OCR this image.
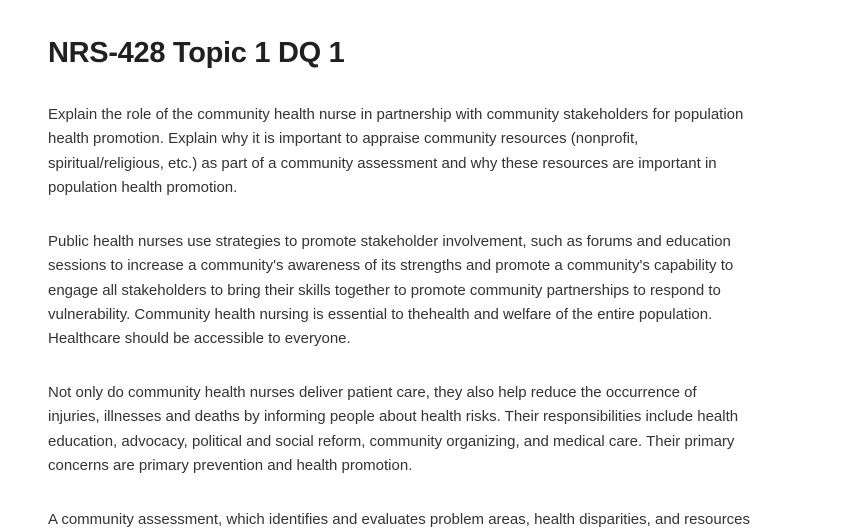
NRS-428 Topic 1 DQ 1

Explain the role of the community health nurse in partnership with community stakeholders for population
health promotion. Explain why it is important to appraise community resources (nonprofit,
spiritual/religious, etc.) as part of a community assessment and why these resources are important in
population health promotion.

Public health nurses use strategies to promote stakeholder involvement, such as forums and education
sessions to increase a community's awareness of its strengths and promote a community's capability to
engage all stakeholders to bring their skills together to promote community partnerships to respond to
vulnerability. Community health nursing is essential to thehealth and welfare of the entire population.
Healthcare should be accessible to everyone.

Not only do community health nurses deliver patient care, they also help reduce the occurrence of
injuries, illnesses and deaths by informing people about health risks. Their responsibilities include health
education, advocacy, political and social reform, community organizing, and medical care. Their primary
concerns are primary prevention and health promotion.

A community assessment, which identifies and evaluates problem areas, health disparities, and resources
